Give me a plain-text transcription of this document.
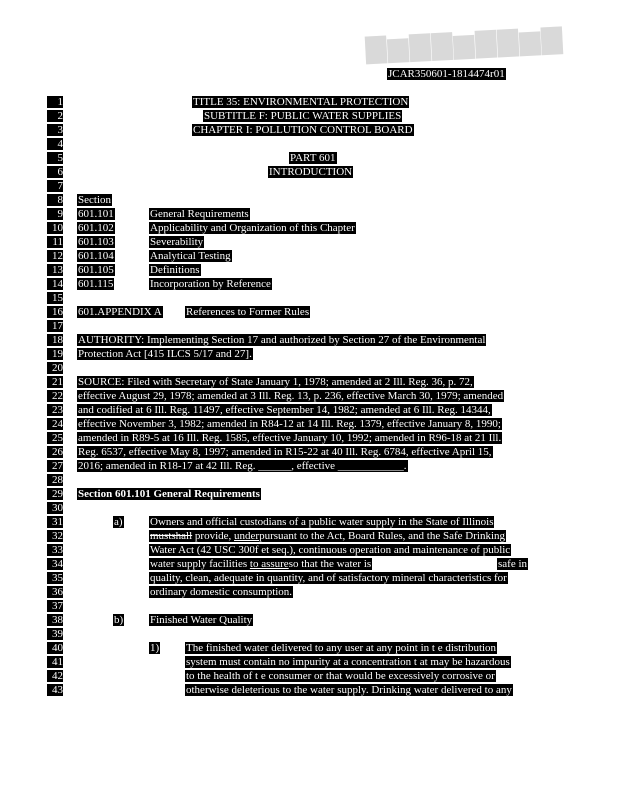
▇▆▇▇▆▇▇▆▇
JCAR350601-1814474r01
1
2
3
4
5
6
7
8
9
10
11
12
13
14
15
16
17
18
19
20
21
22
23
24
25
26
27
28
29
30
31
32
33
34
35
36
37
38
39
40
41
42
43
TITLE 35: ENVIRONMENTAL PROTECTION
SUBTITLE F: PUBLIC WATER SUPPLIES
CHAPTER I: POLLUTION CONTROL BOARD
PART 601
INTRODUCTION
Section
601.101	General Requirements
601.102	Applicability and Organization of this Chapter
601.103	Severability
601.104	Analytical Testing
601.105	Definitions
601.115	Incorporation by Reference
601.APPENDIX A References to Former Rules
AUTHORITY: Implementing Section 17 and authorized by Section 27 of the Environmental
Protection Act [415 ILCS 5/17 and 27].
SOURCE: Filed with Secretary of State January 1, 1978; amended at 2 Ill. Reg. 36, p. 72,
effective August 29, 1978; amended at 3 Ill. Reg. 13, p. 236, effective March 30, 1979; amended
and codified at 6 Ill. Reg. 11497, effective September 14, 1982; amended at 6 Ill. Reg. 14344,
effective November 3, 1982; amended in R84-12 at 14 Ill. Reg. 1379, effective January 8, 1990;
amended in R89-5 at 16 Ill. Reg. 1585, effective January 10, 1992; amended in R96-18 at 21 Ill.
Reg. 6537, effective May 8, 1997; amended in R15-22 at 40 Ill. Reg. 6784, effective April 15,
2016; amended in R18-17 at 42 Ill. Reg. ______, effective ____________.
Section 601.101 General Requirements
a) Owners and official custodians of a public water supply in the State of Illinois
mustshall provide, underpursuant to the Act, Board Rules, and the Safe Drinking
Water Act (42 USC 300f et seq.), continuous operation and maintenance of public
water supply facilities to assureso that the water is	safe in
quality, clean, adequate in quantity, and of satisfactory mineral characteristics for
ordinary domestic consumption.
b) Finished Water Quality
1) The finished water delivered to any user at any point in t e distribution
system must contain no impurity at a concentration t at may be hazardous
to the health of t e consumer or that would be excessively corrosive or
otherwise deleterious to the water supply. Drinking water delivered to any
